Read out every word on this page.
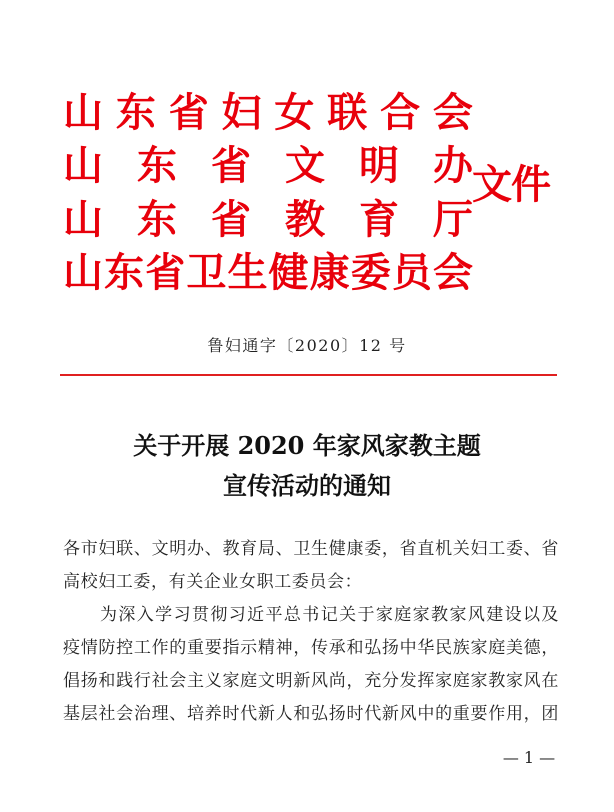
山 东 省 妇 女 联 合 会
山 东 省 文 明 办
山 东 省 教 育 厅
山 东 省 卫 生 健 康 委 员 会
文件
鲁妇通字〔2020〕12 号
关于开展 2020 年家风家教主题
宣传活动的通知
各市妇联、文明办、教育局、卫生健康委，省直机关妇工委、省
高校妇工委，有关企业女职工委员会：
为深入学习贯彻习近平总书记关于家庭家教家风建设以及
疫情防控工作的重要指示精神，传承和弘扬中华民族家庭美德，
倡扬和践行社会主义家庭文明新风尚，充分发挥家庭家教家风在
基层社会治理、培养时代新人和弘扬时代新风中的重要作用，团
— 1 —
